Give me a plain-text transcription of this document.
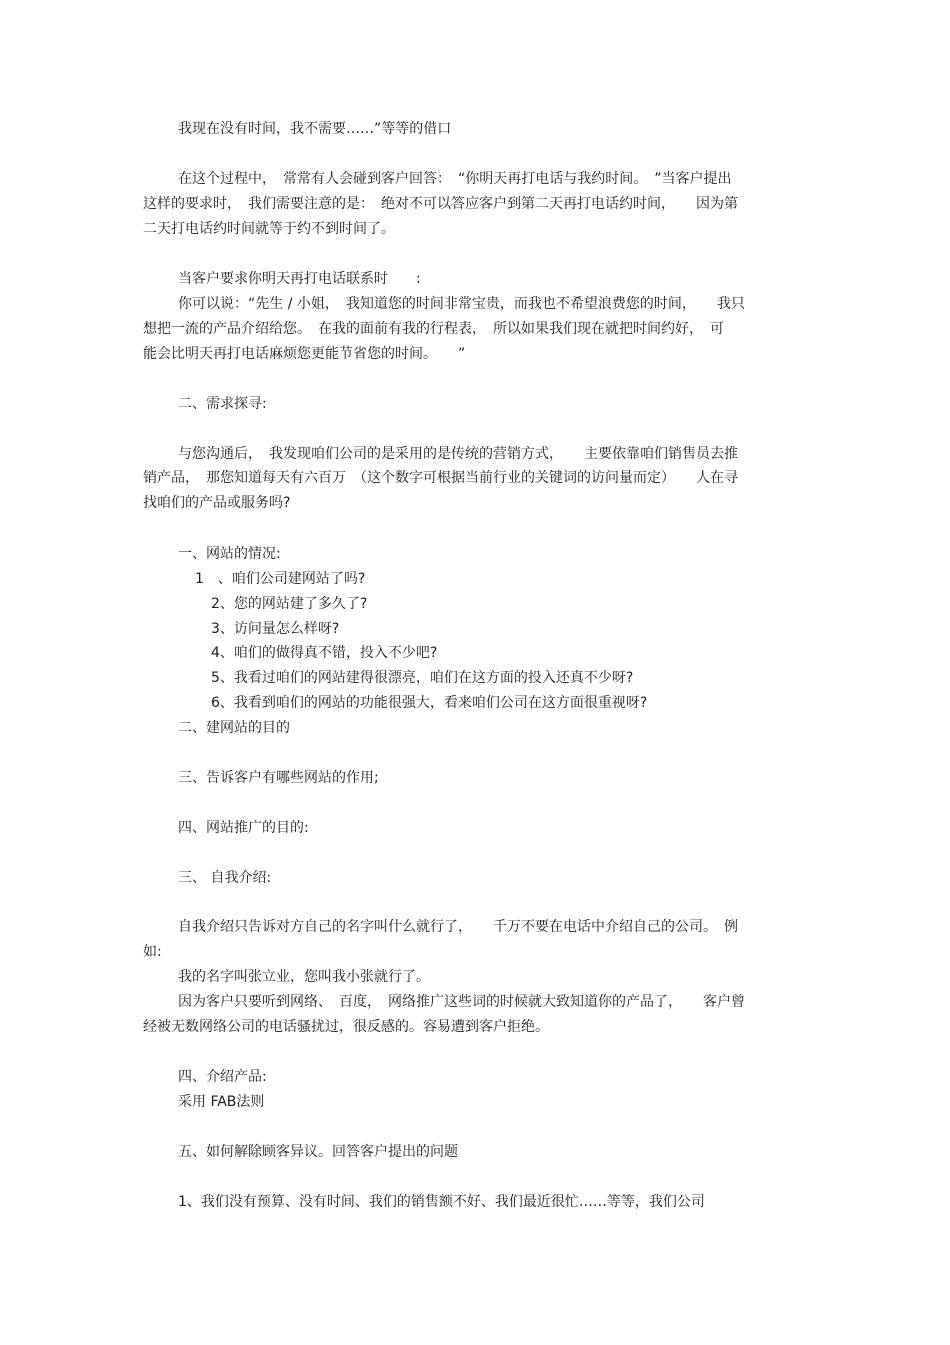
我现在没有时间，我不需要……”等等的借口
在这个过程中，　常常有人会碰到客户回答：　“你明天再打电话与我约时间。　”当客户提出
这样的要求时，　我们需要注意的是：　绝对不可以答应客户到第二天再打电话约时间，　　因为第
二天打电话约时间就等于约不到时间了。
当客户要求你明天再打电话联系时　　:
你可以说：“先生 / 小姐，　我知道您的时间非常宝贵，而我也不希望浪费您的时间，　　我只
想把一流的产品介绍给您。　在我的面前有我的行程表，　所以如果我们现在就把时间约好，　可
能会比明天再打电话麻烦您更能节省您的时间。　　”
二、需求探寻:
与您沟通后，　我发现咱们公司的是采用的是传统的营销方式，　　主要依靠咱们销售员去推
销产品，　那您知道每天有六百万　（这个数字可根据当前行业的关键词的访问量而定）　　人在寻
找咱们的产品或服务吗?
一、网站的情况:
1　、咱们公司建网站了吗?
2、您的网站建了多久了?
3、访问量怎么样呀?
4、咱们的做得真不错，投入不少吧?
5、我看过咱们的网站建得很漂亮，咱们在这方面的投入还真不少呀?
6、我看到咱们的网站的功能很强大，看来咱们公司在这方面很重视呀?
二、建网站的目的
三、告诉客户有哪些网站的作用;
四、网站推广的目的:
三、 自我介绍:
自我介绍只告诉对方自己的名字叫什么就行了，　　千万不要在电话中介绍自己的公司。　例
如:
我的名字叫张立业，您叫我小张就行了。
因为客户只要听到网络、　百度，　网络推广这些词的时候就大致知道你的产品了，　　客户曾
经被无数网络公司的电话骚扰过，很反感的。容易遭到客户拒绝。
四、介绍产品:
采用 FAB法则
五、如何解除顾客异议。回答客户提出的问题
1、我们没有预算、没有时间、我们的销售额不好、我们最近很忙……等等，我们公司
